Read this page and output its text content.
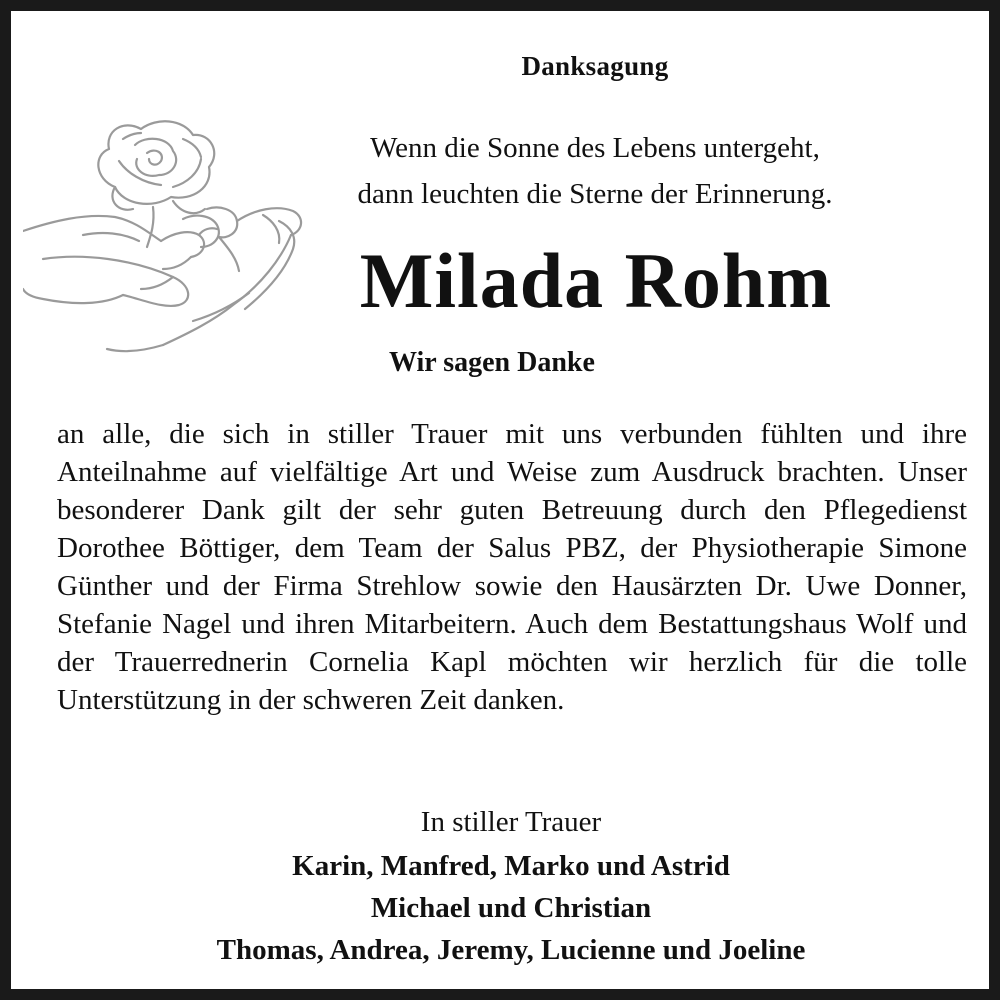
Danksagung
Wenn die Sonne des Lebens untergeht,
dann leuchten die Sterne der Erinnerung.
Milada Rohm
Wir sagen Danke
an alle, die sich in stiller Trauer mit uns verbunden fühlten und ihre Anteilnahme auf vielfältige Art und Weise zum Ausdruck brachten. Unser besonderer Dank gilt der sehr guten Betreuung durch den Pflegedienst Dorothee Böttiger, dem Team der Salus PBZ, der Physiotherapie Simone Günther und der Firma Strehlow sowie den Hausärzten Dr. Uwe Donner, Stefanie Nagel und ihren Mitarbeitern. Auch dem Bestattungshaus Wolf und der Trauerrednerin Cornelia Kapl möchten wir herzlich für die tolle Unterstützung in der schweren Zeit danken.
In stiller Trauer
Karin, Manfred, Marko und Astrid
Michael und Christian
Thomas, Andrea, Jeremy, Lucienne und Joeline
